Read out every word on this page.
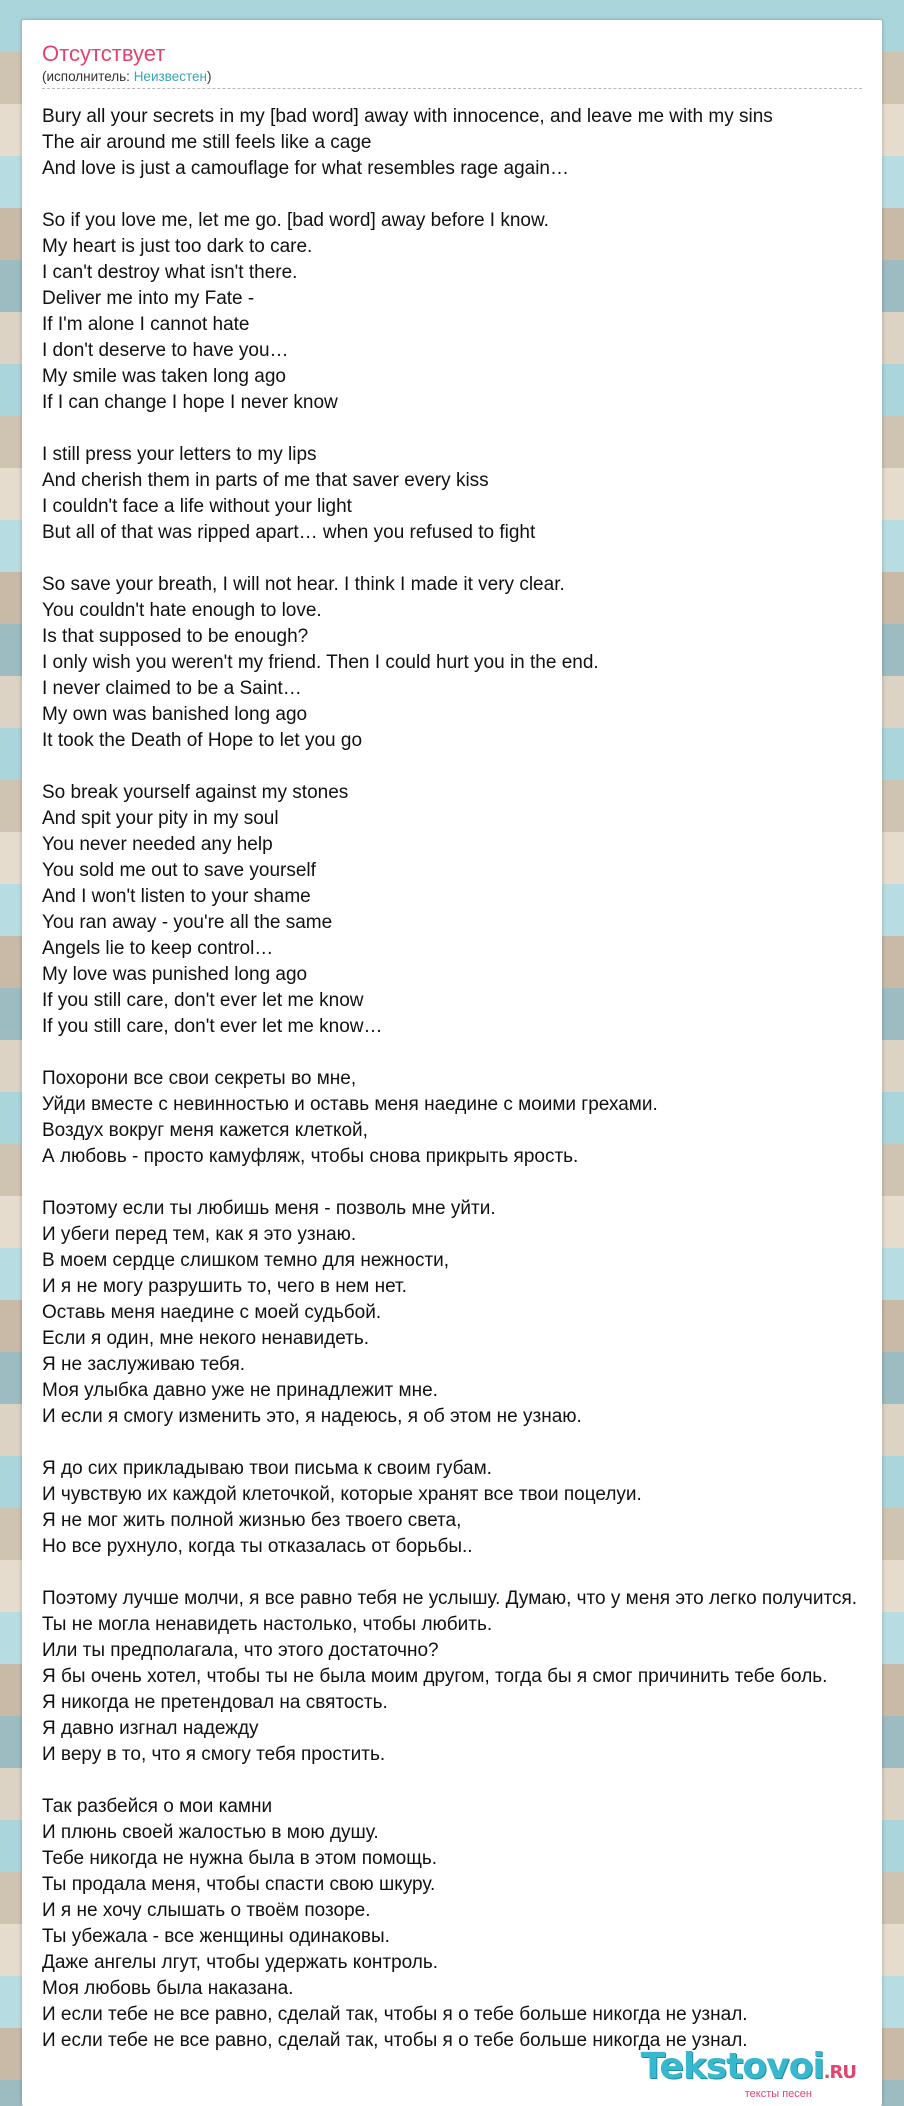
Отсутствует
(исполнитель: Неизвестен)
Bury all your secrets in my [bad word] away with innocence, and leave me with my sins
The air around me still feels like a cage
And love is just a camouflage for what resembles rage again…
So if you love me, let me go. [bad word] away before I know.
My heart is just too dark to care.
I can't destroy what isn't there.
Deliver me into my Fate -
If I'm alone I cannot hate
I don't deserve to have you…
My smile was taken long ago
If I can change I hope I never know
I still press your letters to my lips
And cherish them in parts of me that saver every kiss
I couldn't face a life without your light
But all of that was ripped apart… when you refused to fight
So save your breath, I will not hear. I think I made it very clear.
You couldn't hate enough to love.
Is that supposed to be enough?
I only wish you weren't my friend. Then I could hurt you in the end.
I never claimed to be a Saint…
My own was banished long ago
It took the Death of Hope to let you go
So break yourself against my stones
And spit your pity in my soul
You never needed any help
You sold me out to save yourself
And I won't listen to your shame
You ran away - you're all the same
Angels lie to keep control…
My love was punished long ago
If you still care, don't ever let me know
If you still care, don't ever let me know…
Похорони все свои секреты во мне,
Уйди вместе с невинностью и оставь меня наедине с моими грехами.
Воздух вокруг меня кажется клеткой,
А любовь - просто камуфляж, чтобы снова прикрыть ярость.
Поэтому если ты любишь меня - позволь мне уйти.
И убеги перед тем, как я это узнаю.
В моем сердце слишком темно для нежности,
И я не могу разрушить то, чего в нем нет.
Оставь меня наедине с моей судьбой.
Если я один, мне некого ненавидеть.
Я не заслуживаю тебя.
Моя улыбка давно уже не принадлежит мне.
И если я смогу изменить это, я надеюсь, я об этом не узнаю.
Я до сих прикладываю твои письма к своим губам.
И чувствую их каждой клеточкой, которые хранят все твои поцелуи.
Я не мог жить полной жизнью без твоего света,
Но все рухнуло, когда ты отказалась от борьбы..
Поэтому лучше молчи, я все равно тебя не услышу. Думаю, что у меня это легко получится.
Ты не могла ненавидеть настолько, чтобы любить.
Или ты предполагала, что этого достаточно?
Я бы очень хотел, чтобы ты не была моим другом, тогда бы я смог причинить тебе боль.
Я никогда не претендовал на святость.
Я давно изгнал надежду
И веру в то, что я смогу тебя простить.
Так разбейся о мои камни
И плюнь своей жалостью в мою душу.
Тебе никогда не нужна была в этом помощь.
Ты продала меня, чтобы спасти свою шкуру.
И я не хочу слышать о твоём позоре.
Ты убежала - все женщины одинаковы.
Даже ангелы лгут, чтобы удержать контроль.
Моя любовь была наказана.
И если тебе не все равно, сделай так, чтобы я о тебе больше никогда не узнал.
И если тебе не все равно, сделай так, чтобы я о тебе больше никогда не узнал.
Tekstovoi.RU
тексты песен
